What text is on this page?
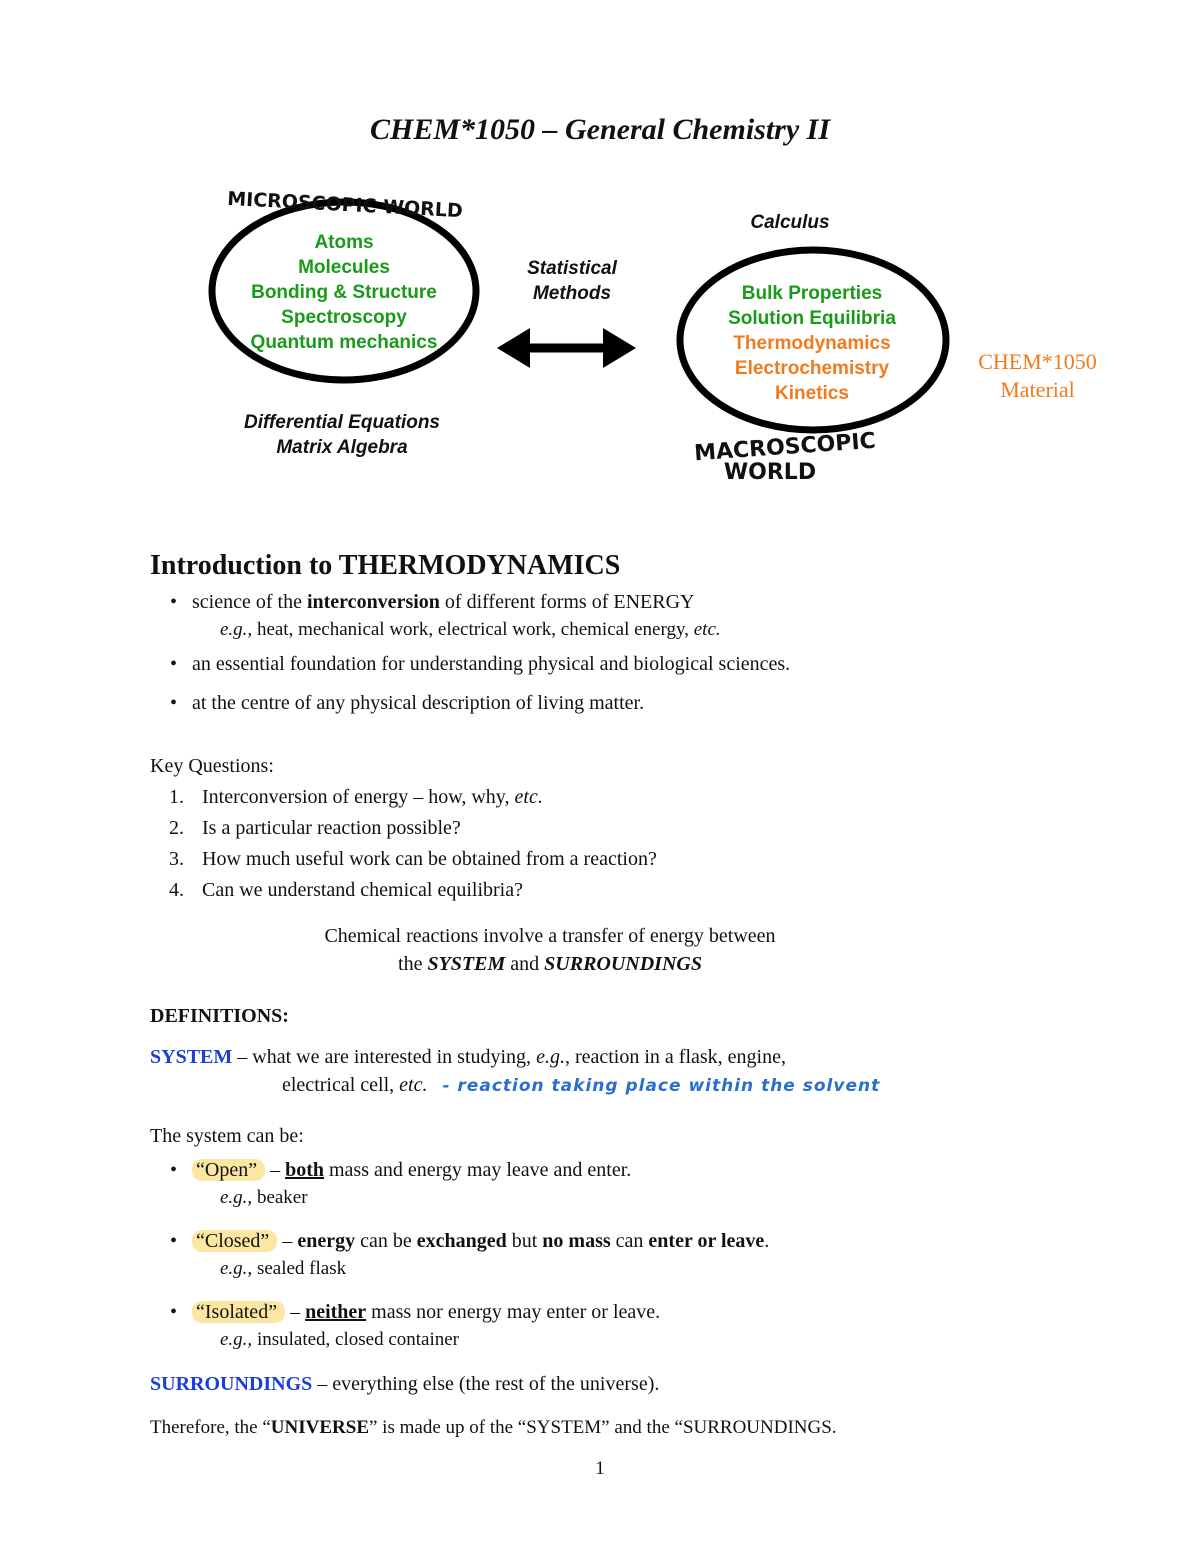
CHEM*1050 – General Chemistry II
MICROSCOPIC WORLD
Atoms
Molecules
Bonding & Structure
Spectroscopy
Quantum mechanics
Differential Equations
Matrix Algebra
Statistical
Methods
Calculus
Bulk Properties
Solution Equilibria
Thermodynamics
Electrochemistry
Kinetics
MACROSCOPIC
WORLD
CHEM*1050
Material
Introduction to THERMODYNAMICS
• science of the interconversion of different forms of ENERGY
e.g., heat, mechanical work, electrical work, chemical energy, etc.
• an essential foundation for understanding physical and biological sciences.
• at the centre of any physical description of living matter.
Key Questions:
1. Interconversion of energy – how, why, etc.
2. Is a particular reaction possible?
3. How much useful work can be obtained from a reaction?
4. Can we understand chemical equilibria?
Chemical reactions involve a transfer of energy between
the SYSTEM and SURROUNDINGS
DEFINITIONS:
SYSTEM – what we are interested in studying, e.g., reaction in a flask, engine,
electrical cell, etc. - reaction taking place within the solvent
The system can be:
• “Open” – both mass and energy may leave and enter.
e.g., beaker
• “Closed” – energy can be exchanged but no mass can enter or leave.
e.g., sealed flask
• “Isolated” – neither mass nor energy may enter or leave.
e.g., insulated, closed container
SURROUNDINGS – everything else (the rest of the universe).
Therefore, the “UNIVERSE” is made up of the “SYSTEM” and the “SURROUNDINGS.
1
